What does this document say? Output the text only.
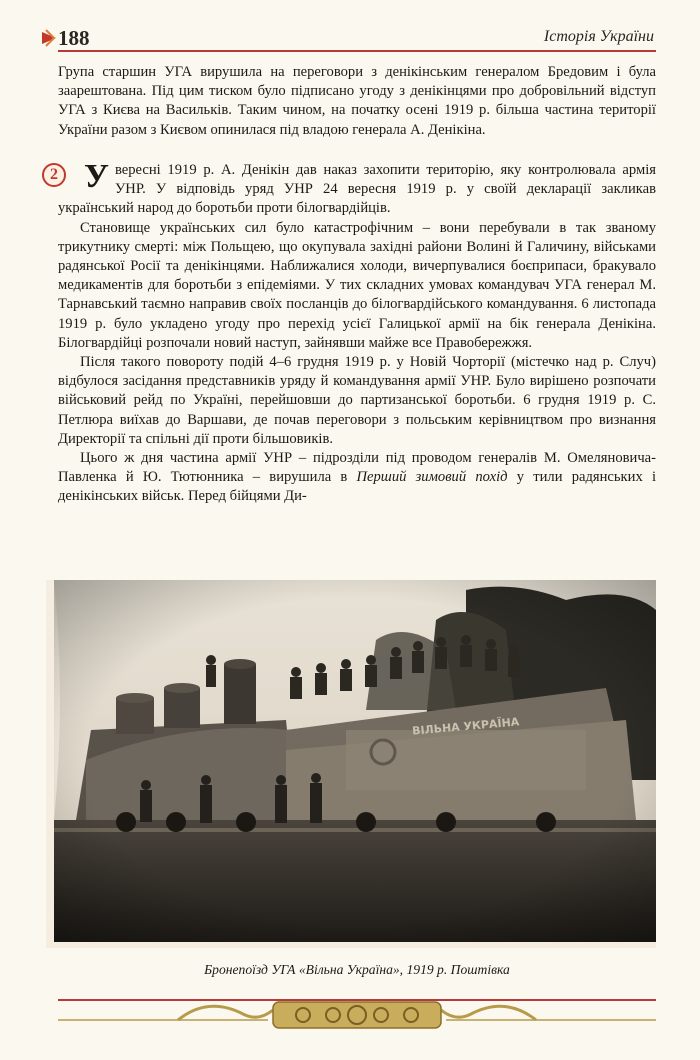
188	Історія України

Група старшин УГА вирушила на переговори з денікінським генералом Бредовим і була заарештована. Під цим тиском було підписано угоду з денікінцями про добровільний відступ УГА з Києва на Васильків. Таким чином, на початку осені 1919 р. більша частина території України разом з Києвом опинилася під владою генерала А. Денікіна.

2 Увересні 1919 р. А. Денікін дав наказ захопити територію, яку контролювала армія УНР. У відповідь уряд УНР 24 вересня 1919 р. у своїй декларації закликав український народ до боротьби проти білогвардійців.

Становище українських сил було катастрофічним – вони перебували в так званому трикутнику смерті: між Польщею, що окупувала західні райони Волині й Галичину, військами радянської Росії та денікінцями. Наближалися холоди, вичерпувалися боєприпаси, бракувало медикаментів для боротьби з епідеміями. У тих складних умовах командувач УГА генерал М. Тарнавський таємно направив своїх посланців до білогвардійського командування. 6 листопада 1919 р. було укладено угоду про перехід усієї Галицької армії на бік генерала Денікіна. Білогвардійці розпочали новий наступ, зайнявши майже все Правобережжя.

Після такого повороту подій 4–6 грудня 1919 р. у Новій Чорторії (містечко над р. Случ) відбулося засідання представників уряду й командування армії УНР. Було вирішено розпочати військовий рейд по Україні, перейшовши до партизанської боротьби. 6 грудня 1919 р. С. Петлюра виїхав до Варшави, де почав переговори з польським керівництвом про визнання Директорії та спільні дії проти більшовиків.

Цього ж дня частина армії УНР – підрозділи під проводом генералів М. Омеляновича-Павленка й Ю. Тютюнника – вирушила в Перший зимовий похід у тили радянських і денікінських військ. Перед бійцями Ди-

Бронепоїзд УГА «Вільна Україна», 1919 р. Поштівка
